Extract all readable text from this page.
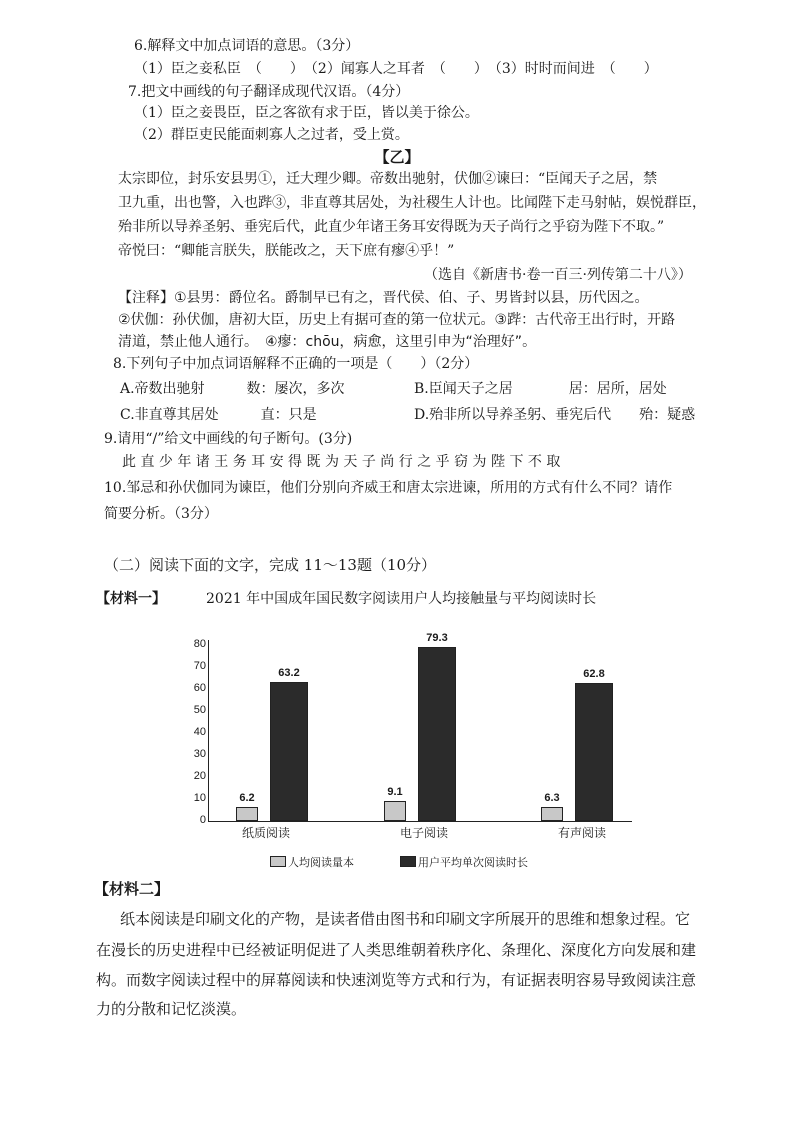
6.解释文中加点词语的意思。（3分）
（1）臣之妾私臣　（　　）　（2）闻寡人之耳者　（　　）　（3）时时而间进　（　　）
7.把文中画线的句子翻译成现代汉语。（4分）
（1）臣之妾畏臣，臣之客欲有求于臣，皆以美于徐公。
（2）群臣吏民能面刺寡人之过者，受上赏。
【乙】
太宗即位，封乐安县男①，迁大理少卿。帝数出驰射，伏伽②谏曰：“臣闻天子之居，禁
卫九重，出也警，入也跸③，非直尊其居处，为社稷生人计也。比闻陛下走马射帖，娱悦群臣，
殆非所以导养圣躬、垂宪后代，此直少年诸王务耳安得既为天子尚行之乎窃为陛下不取。”
帝悦曰：“卿能言朕失，朕能改之，天下庶有瘳④乎！”
（选自《新唐书·卷一百三·列传第二十八》）
【注释】①县男：爵位名。爵制早已有之，晋代侯、伯、子、男皆封以县，历代因之。
②伏伽：孙伏伽，唐初大臣，历史上有据可查的第一位状元。③跸：古代帝王出行时，开路
清道，禁止他人通行。　④瘳：chōu，病愈，这里引申为“治理好”。
8.下列句子中加点词语解释不正确的一项是（　　）（2分）
A.帝数出驰射　　　数：屡次，多次	B.臣闻天子之居　　　　居：居所，居处
C.非直尊其居处　　　直：只是	D.殆非所以导养圣躬、垂宪后代　　殆：疑惑
9.请用“/”给文中画线的句子断句。(3分)
此 直 少 年 诸 王 务 耳 安 得 既 为 天 子 尚 行 之 乎 窃 为 陛 下 不 取
10.邹忌和孙伏伽同为谏臣，他们分别向齐威王和唐太宗进谏，所用的方式有什么不同？请作
简要分析。（3分）
（二）阅读下面的文字，完成 11～13题（10分）
【材料一】	2021 年中国成年国民数字阅读用户人均接触量与平均阅读时长
80
70
60
50
40
30
20
10
0
6.2
63.2
9.1
79.3
6.3
62.8
纸质阅读	电子阅读	有声阅读
人均阅读量本	用户平均单次阅读时长
【材料二】
纸本阅读是印刷文化的产物，是读者借由图书和印刷文字所展开的思维和想象过程。它
在漫长的历史进程中已经被证明促进了人类思维朝着秩序化、条理化、深度化方向发展和建
构。而数字阅读过程中的屏幕阅读和快速浏览等方式和行为，有证据表明容易导致阅读注意
力的分散和记忆淡漠。
